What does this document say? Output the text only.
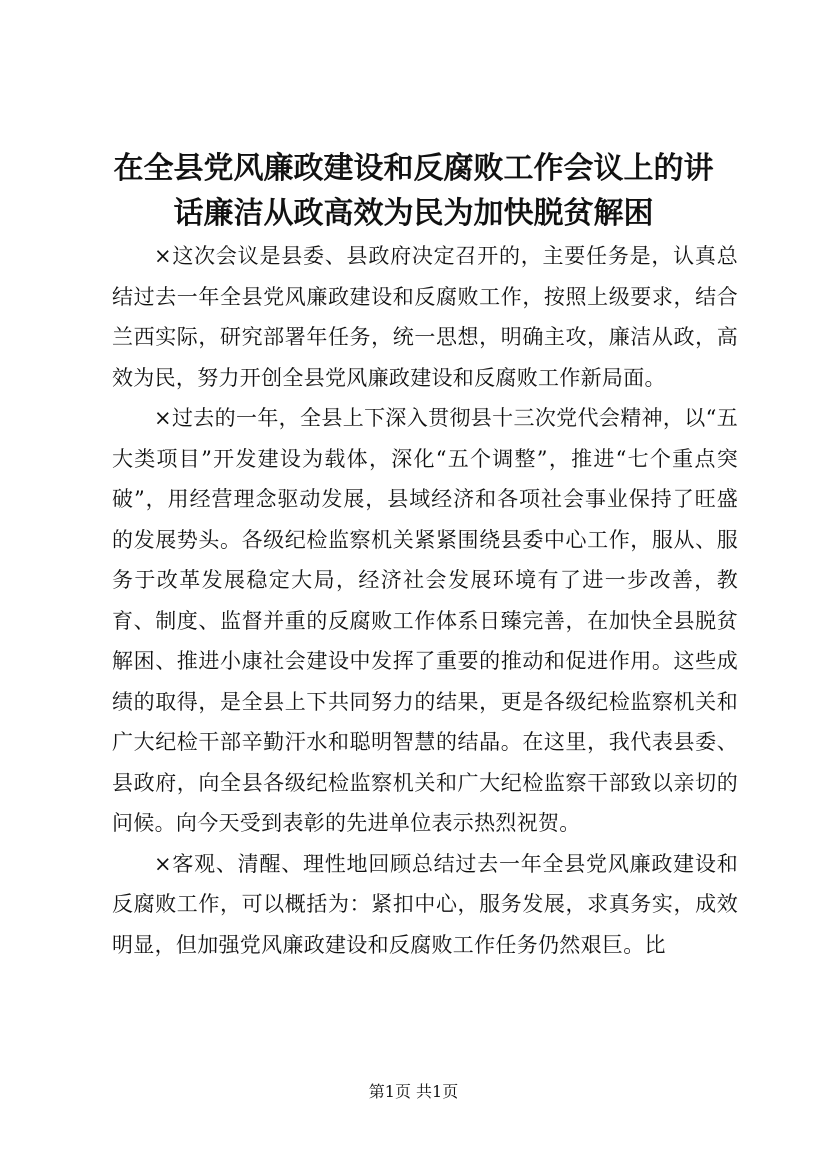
在全县党风廉政建设和反腐败工作会议上的讲话廉洁从政高效为民为加快脱贫解困

×这次会议是县委、县政府决定召开的，主要任务是，认真总结过去一年全县党风廉政建设和反腐败工作，按照上级要求，结合兰西实际，研究部署年任务，统一思想，明确主攻，廉洁从政，高效为民，努力开创全县党风廉政建设和反腐败工作新局面。

×过去的一年，全县上下深入贯彻县十三次党代会精神，以“五大类项目”开发建设为载体，深化“五个调整”，推进“七个重点突破”，用经营理念驱动发展，县域经济和各项社会事业保持了旺盛的发展势头。各级纪检监察机关紧紧围绕县委中心工作，服从、服务于改革发展稳定大局，经济社会发展环境有了进一步改善，教育、制度、监督并重的反腐败工作体系日臻完善，在加快全县脱贫解困、推进小康社会建设中发挥了重要的推动和促进作用。这些成绩的取得，是全县上下共同努力的结果，更是各级纪检监察机关和广大纪检干部辛勤汗水和聪明智慧的结晶。在这里，我代表县委、县政府，向全县各级纪检监察机关和广大纪检监察干部致以亲切的问候。向今天受到表彰的先进单位表示热烈祝贺。

×客观、清醒、理性地回顾总结过去一年全县党风廉政建设和反腐败工作，可以概括为：紧扣中心，服务发展，求真务实，成效明显，但加强党风廉政建设和反腐败工作任务仍然艰巨。比

第1页 共1页
